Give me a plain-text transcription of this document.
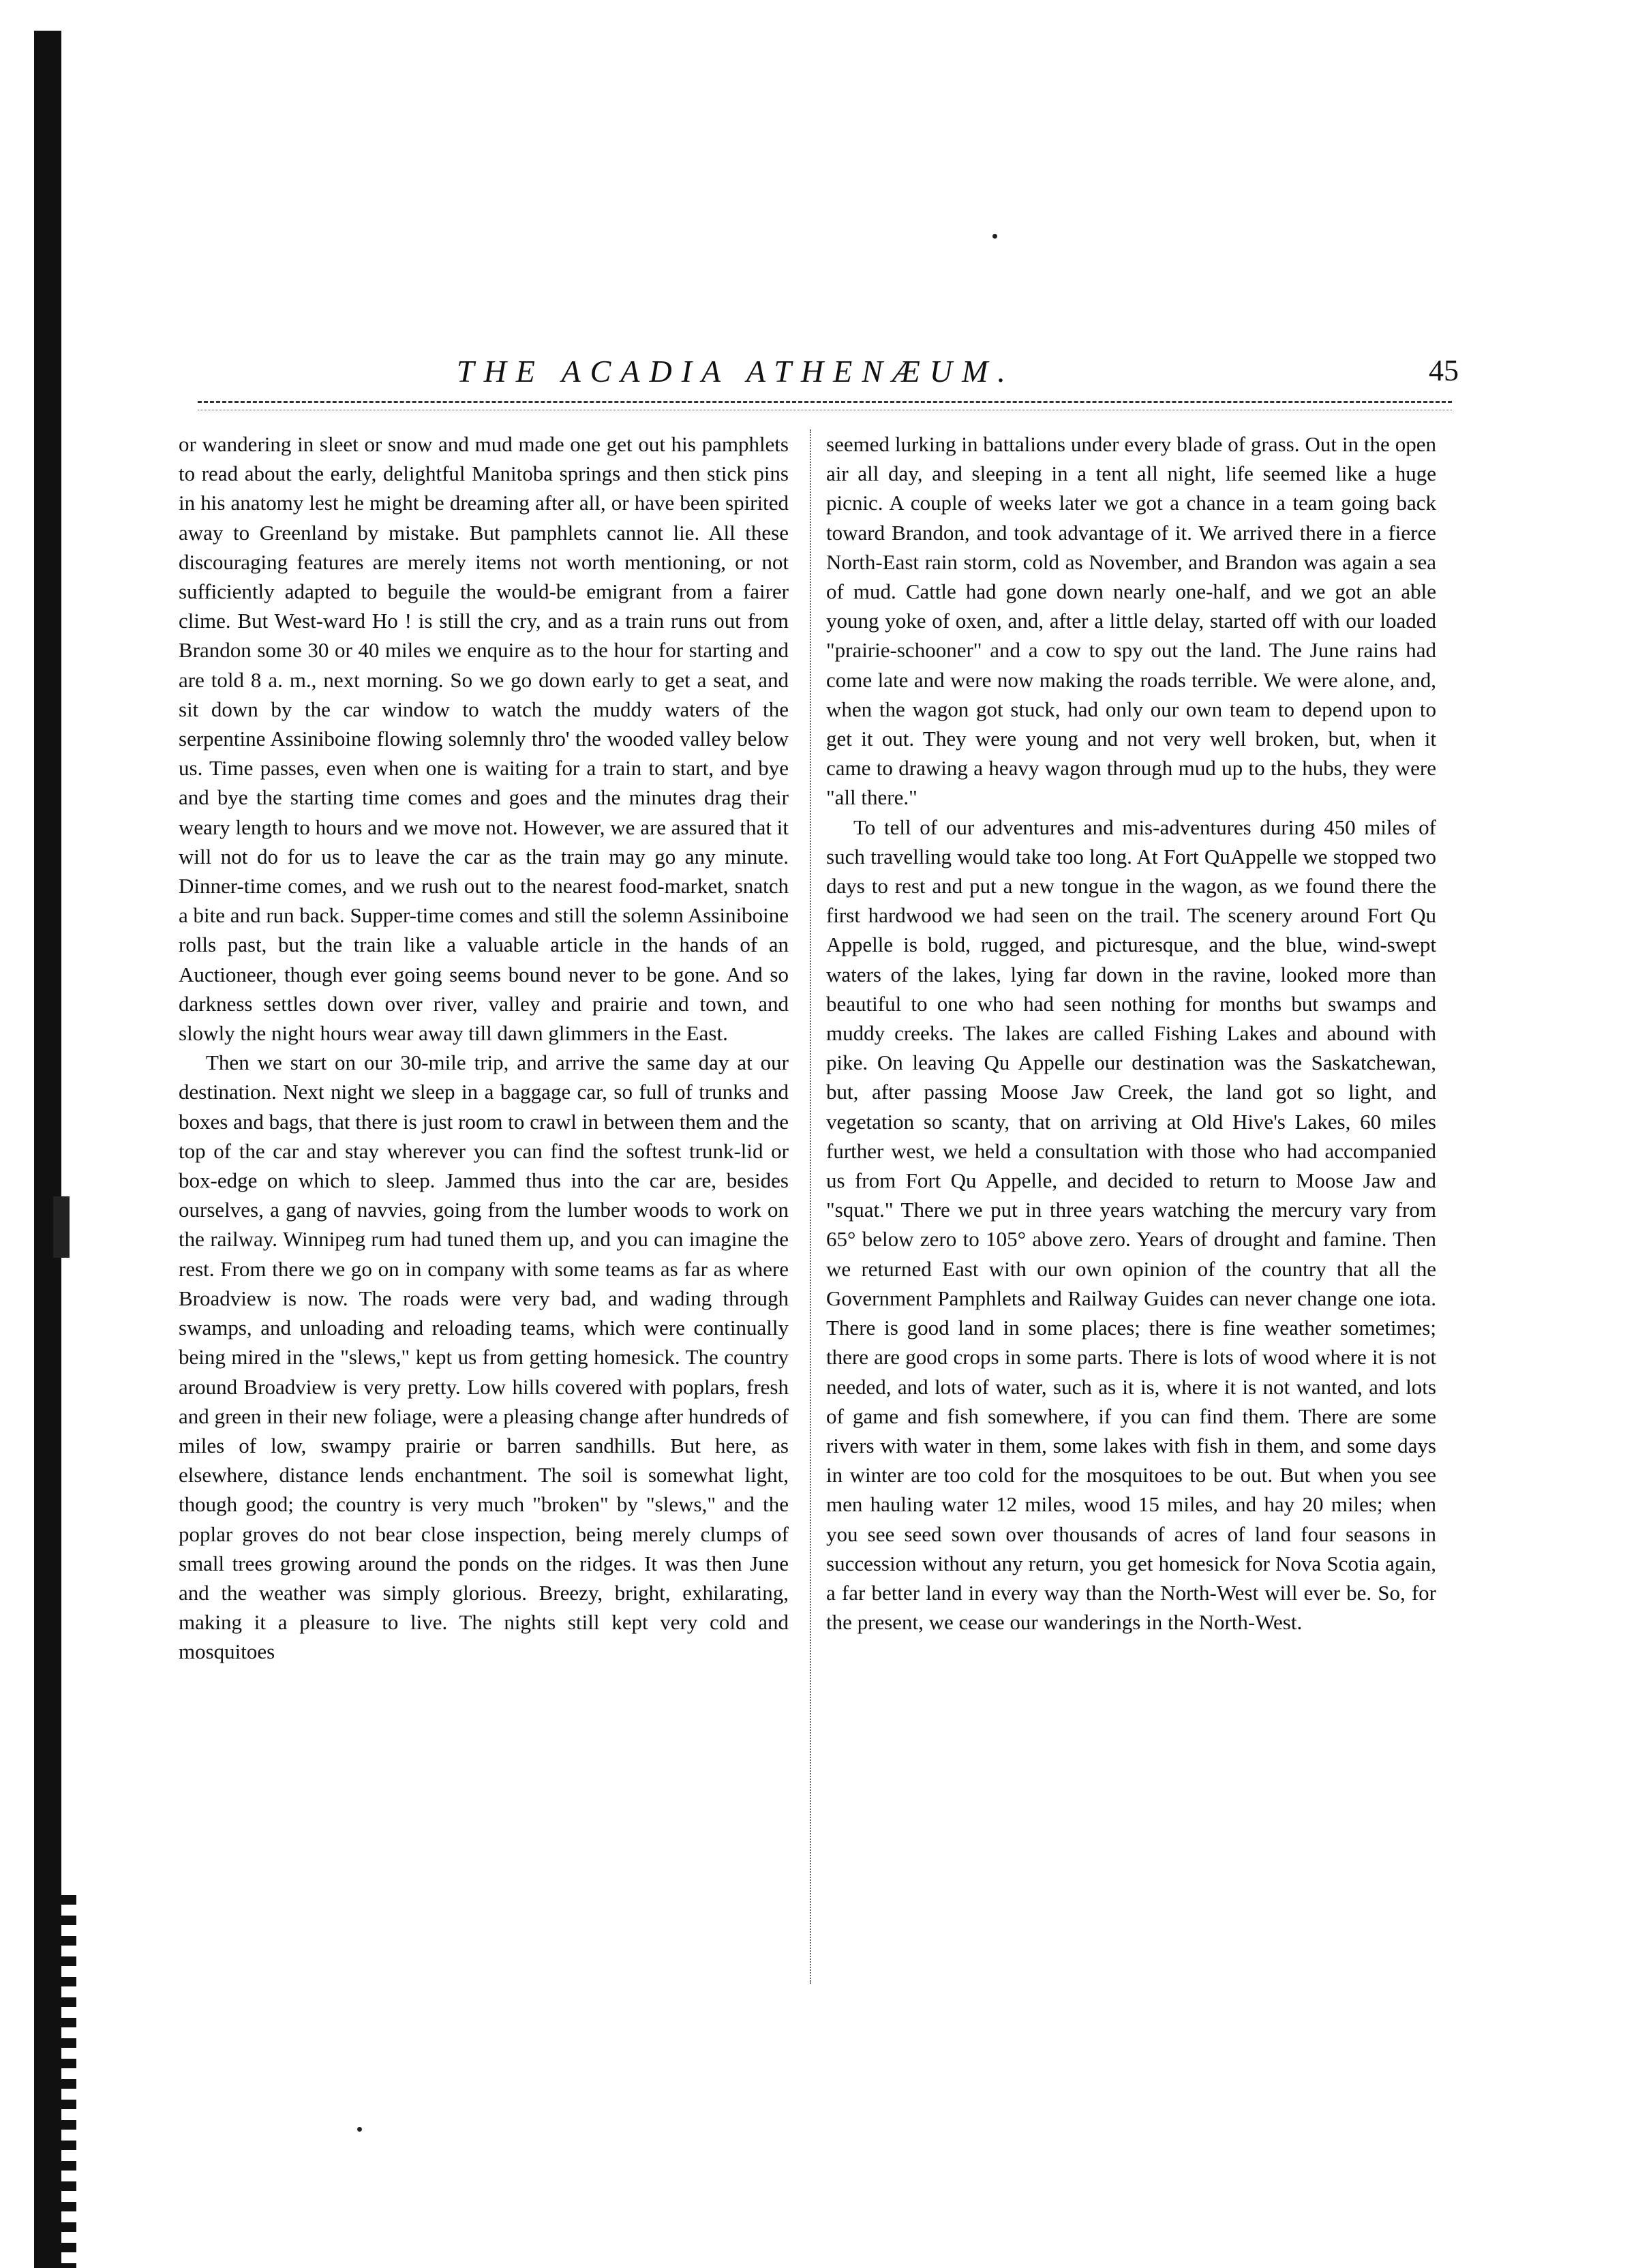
THE ACADIA ATHENÆUM.	45

or wandering in sleet or snow and mud made one get out his pamphlets to read about the early, delightful Manitoba springs and then stick pins in his anatomy lest he might be dreaming after all, or have been spirited away to Greenland by mistake. But pamphlets cannot lie. All these discouraging features are merely items not worth mentioning, or not sufficiently adapted to beguile the would-be emigrant from a fairer clime. But West-ward Ho ! is still the cry, and as a train runs out from Brandon some 30 or 40 miles we enquire as to the hour for starting and are told 8 a. m., next morning. So we go down early to get a seat, and sit down by the car window to watch the muddy waters of the serpentine Assiniboine flowing solemnly thro' the wooded valley below us. Time passes, even when one is waiting for a train to start, and bye and bye the starting time comes and goes and the minutes drag their weary length to hours and we move not. However, we are assured that it will not do for us to leave the car as the train may go any minute. Dinner-time comes, and we rush out to the nearest food-market, snatch a bite and run back. Supper-time comes and still the solemn Assiniboine rolls past, but the train like a valuable article in the hands of an Auctioneer, though ever going seems bound never to be gone. And so darkness settles down over river, valley and prairie and town, and slowly the night hours wear away till dawn glimmers in the East.

Then we start on our 30-mile trip, and arrive the same day at our destination. Next night we sleep in a baggage car, so full of trunks and boxes and bags, that there is just room to crawl in between them and the top of the car and stay wherever you can find the softest trunk-lid or box-edge on which to sleep. Jammed thus into the car are, besides ourselves, a gang of navvies, going from the lumber woods to work on the railway. Winnipeg rum had tuned them up, and you can imagine the rest. From there we go on in company with some teams as far as where Broadview is now. The roads were very bad, and wading through swamps, and unloading and reloading teams, which were continually being mired in the "slews," kept us from getting homesick. The country around Broadview is very pretty. Low hills covered with poplars, fresh and green in their new foliage, were a pleasing change after hundreds of miles of low, swampy prairie or barren sandhills. But here, as elsewhere, distance lends enchantment. The soil is somewhat light, though good; the country is very much "broken" by "slews," and the poplar groves do not bear close inspection, being merely clumps of small trees growing around the ponds on the ridges. It was then June and the weather was simply glorious. Breezy, bright, exhilarating, making it a pleasure to live. The nights still kept very cold and mosquitoes

seemed lurking in battalions under every blade of grass. Out in the open air all day, and sleeping in a tent all night, life seemed like a huge picnic. A couple of weeks later we got a chance in a team going back toward Brandon, and took advantage of it. We arrived there in a fierce North-East rain storm, cold as November, and Brandon was again a sea of mud. Cattle had gone down nearly one-half, and we got an able young yoke of oxen, and, after a little delay, started off with our loaded "prairie-schooner" and a cow to spy out the land. The June rains had come late and were now making the roads terrible. We were alone, and, when the wagon got stuck, had only our own team to depend upon to get it out. They were young and not very well broken, but, when it came to drawing a heavy wagon through mud up to the hubs, they were "all there."

To tell of our adventures and mis-adventures during 450 miles of such travelling would take too long. At Fort QuAppelle we stopped two days to rest and put a new tongue in the wagon, as we found there the first hardwood we had seen on the trail. The scenery around Fort Qu Appelle is bold, rugged, and picturesque, and the blue, wind-swept waters of the lakes, lying far down in the ravine, looked more than beautiful to one who had seen nothing for months but swamps and muddy creeks. The lakes are called Fishing Lakes and abound with pike. On leaving Qu Appelle our destination was the Saskatchewan, but, after passing Moose Jaw Creek, the land got so light, and vegetation so scanty, that on arriving at Old Hive's Lakes, 60 miles further west, we held a consultation with those who had accompanied us from Fort Qu Appelle, and decided to return to Moose Jaw and "squat." There we put in three years watching the mercury vary from 65° below zero to 105° above zero. Years of drought and famine. Then we returned East with our own opinion of the country that all the Government Pamphlets and Railway Guides can never change one iota. There is good land in some places; there is fine weather sometimes; there are good crops in some parts. There is lots of wood where it is not needed, and lots of water, such as it is, where it is not wanted, and lots of game and fish somewhere, if you can find them. There are some rivers with water in them, some lakes with fish in them, and some days in winter are too cold for the mosquitoes to be out. But when you see men hauling water 12 miles, wood 15 miles, and hay 20 miles; when you see seed sown over thousands of acres of land four seasons in succession without any return, you get homesick for Nova Scotia again, a far better land in every way than the North-West will ever be. So, for the present, we cease our wanderings in the North-West.
